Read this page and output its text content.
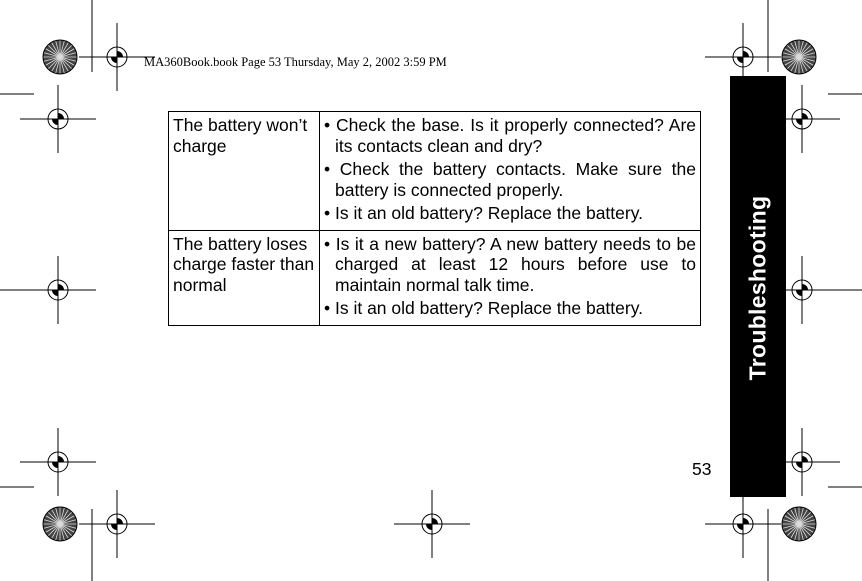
MA360Book.book Page 53 Thursday, May 2, 2002 3:59 PM
Troubleshooting
The battery won’t charge	• Check the base. Is it properly connected? Are its contacts clean and dry?
• Check the battery contacts. Make sure the battery is connected properly.
• Is it an old battery? Replace the battery.

The battery loses charge faster than normal	• Is it a new battery? A new battery needs to be charged at least 12 hours before use to maintain normal talk time.
• Is it an old battery? Replace the battery.
53
